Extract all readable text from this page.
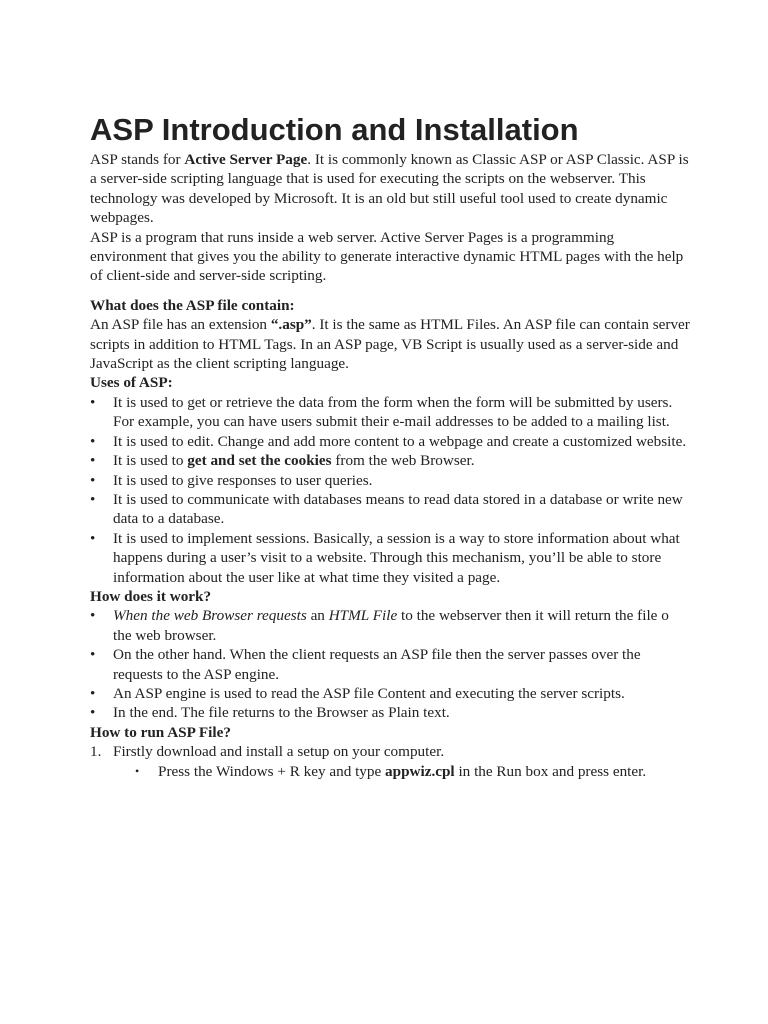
ASP Introduction and Installation

ASP stands for Active Server Page. It is commonly known as Classic ASP or ASP Classic. ASP is a server-side scripting language that is used for executing the scripts on the webserver. This technology was developed by Microsoft. It is an old but still useful tool used to create dynamic webpages.

ASP is a program that runs inside a web server. Active Server Pages is a programming environment that gives you the ability to generate interactive dynamic HTML pages with the help of client-side and server-side scripting.

What does the ASP file contain:

An ASP file has an extension “.asp”. It is the same as HTML Files. An ASP file can contain server scripts in addition to HTML Tags. In an ASP page, VB Script is usually used as a server-side and JavaScript as the client scripting language.

Uses of ASP:
• It is used to get or retrieve the data from the form when the form will be submitted by users. For example, you can have users submit their e-mail addresses to be added to a mailing list.
• It is used to edit. Change and add more content to a webpage and create a customized website.
• It is used to get and set the cookies from the web Browser.
• It is used to give responses to user queries.
• It is used to communicate with databases means to read data stored in a database or write new data to a database.
• It is used to implement sessions. Basically, a session is a way to store information about what happens during a user’s visit to a website. Through this mechanism, you’ll be able to store information about the user like at what time they visited a page.
How does it work?
• When the web Browser requests an HTML File to the webserver then it will return the file o the web browser.
• On the other hand. When the client requests an ASP file then the server passes over the requests to the ASP engine.
• An ASP engine is used to read the ASP file Content and executing the server scripts.
• In the end. The file returns to the Browser as Plain text.
How to run ASP File?
1. Firstly download and install a setup on your computer.
• Press the Windows + R key and type appwiz.cpl in the Run box and press enter.
